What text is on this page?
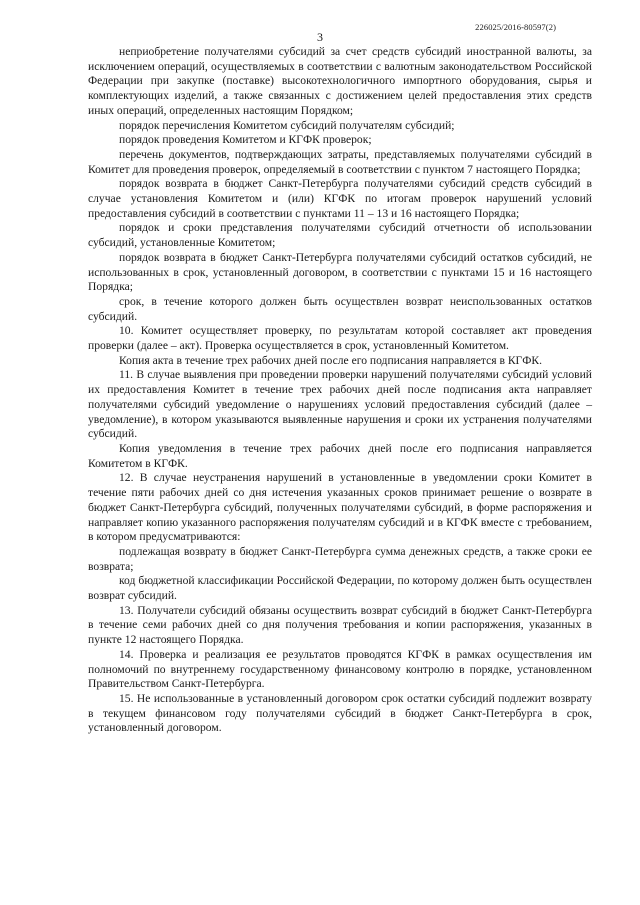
3
226025/2016-80597(2)

неприобретение получателями субсидий за счет средств субсидий иностранной валюты, за исключением операций, осуществляемых в соответствии с валютным законодательством Российской Федерации при закупке (поставке) высокотехнологичного импортного оборудования, сырья и комплектующих изделий, а также связанных с достижением целей предоставления этих средств иных операций, определенных настоящим Порядком;

порядок перечисления Комитетом субсидий получателям субсидий;

порядок проведения Комитетом и КГФК проверок;

перечень документов, подтверждающих затраты, представляемых получателями субсидий в Комитет для проведения проверок, определяемый в соответствии с пунктом 7 настоящего Порядка;

порядок возврата в бюджет Санкт-Петербурга получателями субсидий средств субсидий в случае установления Комитетом и (или) КГФК по итогам проверок нарушений условий предоставления субсидий в соответствии с пунктами 11 – 13 и 16 настоящего Порядка;

порядок и сроки представления получателями субсидий отчетности об использовании субсидий, установленные Комитетом;

порядок возврата в бюджет Санкт-Петербурга получателями субсидий остатков субсидий, не использованных в срок, установленный договором, в соответствии с пунктами 15 и 16 настоящего Порядка;

срок, в течение которого должен быть осуществлен возврат неиспользованных остатков субсидий.

10. Комитет осуществляет проверку, по результатам которой составляет акт проведения проверки (далее – акт). Проверка осуществляется в срок, установленный Комитетом.

Копия акта в течение трех рабочих дней после его подписания направляется в КГФК.

11. В случае выявления при проведении проверки нарушений получателями субсидий условий их предоставления Комитет в течение трех рабочих дней после подписания акта направляет получателями субсидий уведомление о нарушениях условий предоставления субсидий (далее – уведомление), в котором указываются выявленные нарушения и сроки их устранения получателями субсидий.

Копия уведомления в течение трех рабочих дней после его подписания направляется Комитетом в КГФК.

12. В случае неустранения нарушений в установленные в уведомлении сроки Комитет в течение пяти рабочих дней со дня истечения указанных сроков принимает решение о возврате в бюджет Санкт-Петербурга субсидий, полученных получателями субсидий, в форме распоряжения и направляет копию указанного распоряжения получателям субсидий и в КГФК вместе с требованием, в котором предусматриваются:

подлежащая возврату в бюджет Санкт-Петербурга сумма денежных средств, а также сроки ее возврата;

код бюджетной классификации Российской Федерации, по которому должен быть осуществлен возврат субсидий.

13. Получатели субсидий обязаны осуществить возврат субсидий в бюджет Санкт-Петербурга в течение семи рабочих дней со дня получения требования и копии распоряжения, указанных в пункте 12 настоящего Порядка.

14. Проверка и реализация ее результатов проводятся КГФК в рамках осуществления им полномочий по внутреннему государственному финансовому контролю в порядке, установленном Правительством Санкт-Петербурга.

15. Не использованные в установленный договором срок остатки субсидий подлежит возврату в текущем финансовом году получателями субсидий в бюджет Санкт-Петербурга в срок, установленный договором.
